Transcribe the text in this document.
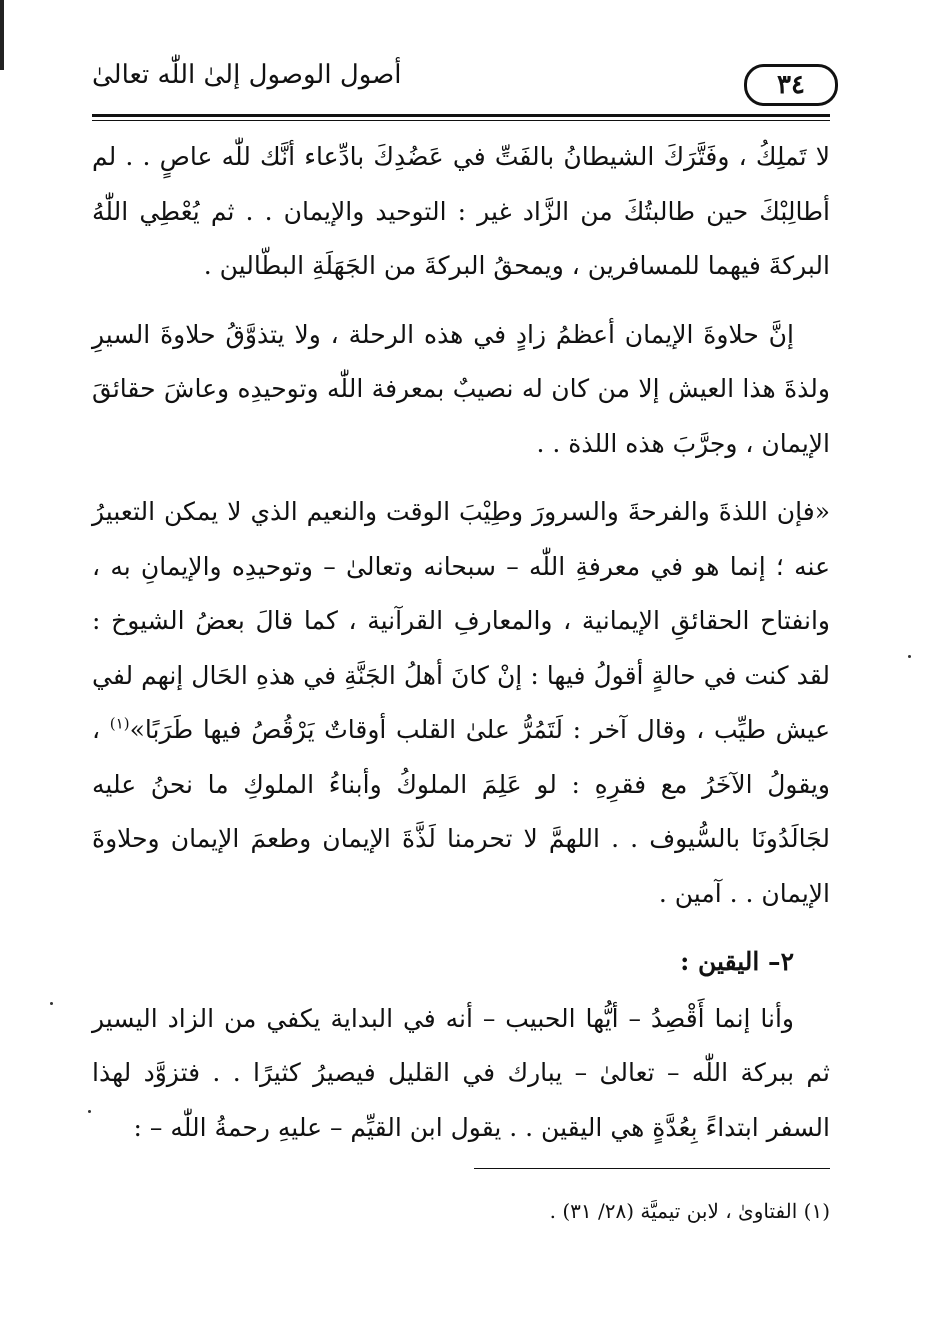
٣٤
أصول الوصول إلىٰ اللّٰه تعالىٰ

لا تَملِكُ ، وفَتَّرَكَ الشيطانُ بالفَتِّ في عَضُدِكَ بادِّعاء أنَّك للّٰه عاصٍ . . لم أطالِبْكَ حين طالبتُكَ من الزَّاد غير : التوحيد والإيمان . . ثم يُعْطِي اللّٰهُ البركةَ فيهما للمسافرين ، ويمحقُ البركةَ من الجَهَلَةِ البطّالين .

إنَّ حلاوةَ الإيمان أعظمُ زادٍ في هذه الرحلة ، ولا يتذوَّقُ حلاوةَ السيرِ ولذةَ هذا العيش إلا من كان له نصيبٌ بمعرفة اللّٰه وتوحيدِه وعاشَ حقائقَ الإيمان ، وجرَّبَ هذه اللذة . .

«فإن اللذةَ والفرحةَ والسرورَ وطِيْبَ الوقت والنعيم الذي لا يمكن التعبيرُ عنه ؛ إنما هو في معرفةِ اللّٰه – سبحانه وتعالىٰ – وتوحيدِه والإيمانِ به ، وانفتاح الحقائقِ الإيمانية ، والمعارفِ القرآنية ، كما قالَ بعضُ الشيوخ : لقد كنت في حالةٍ أقولُ فيها : إنْ كانَ أهلُ الجَنَّةِ في هذهِ الحَال إنهم لفي عيش طيِّب ، وقال آخر : لَتَمُرُّ علىٰ القلب أوقاتٌ يَرْقُصُ فيها طَرَبًا»$^{(١)}$ ، ويقولُ الآخَرُ مع فقرِهِ : لو عَلِمَ الملوكُ وأبناءُ الملوكِ ما نحنُ عليه لجَالَدُونَا بالسُّيوف . . اللهمَّ لا تحرمنا لَذَّةَ الإيمان وطعمَ الإيمان وحلاوةَ الإيمان . . آمين .

٢– اليقين :

وأنا إنما أَقْصِدُ – أيُّها الحبيب – أنه في البداية يكفي من الزاد اليسير ثم ببركة اللّٰه – تعالىٰ – يبارك في القليل فيصيرُ كثيرًا . . فتزوَّد لهذا السفر ابتداءً بِعُدَّةٍ هي اليقين . . يقول ابن القيِّم – عليهِ رحمةُ اللّٰه – :

(١) الفتاوىٰ ، لابن تيميَّة (٢٨/ ٣١) .
